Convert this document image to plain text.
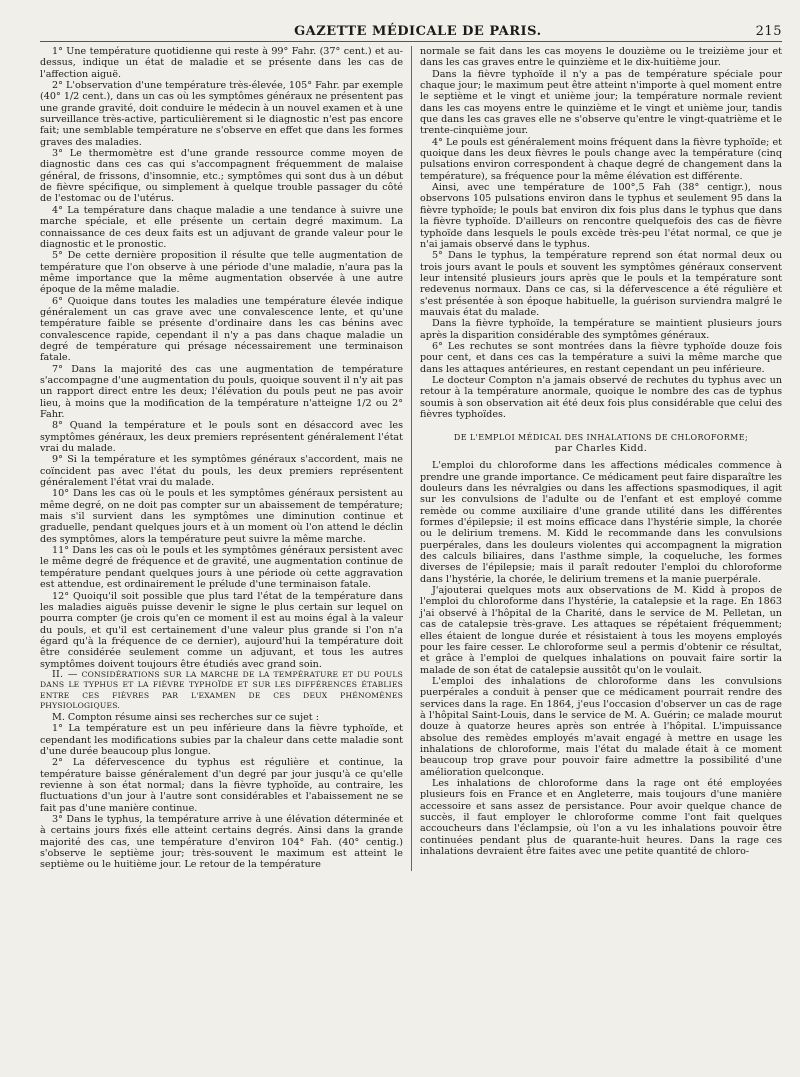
GAZETTE MÉDICALE DE PARIS.	215

1° Une température quotidienne qui reste à 99° Fahr. (37° cent.) et au-dessus, indique un état de maladie et se présente dans les cas de l'affection aiguë.

2° L'observation d'une température très-élevée, 105° Fahr. par exemple (40° 1/2 cent.), dans un cas où les symptômes généraux ne présentent pas une grande gravité, doit conduire le médecin à un nouvel examen et à une surveillance très-active, particulièrement si le diagnostic n'est pas encore fait; une semblable température ne s'observe en effet que dans les formes graves des maladies.

3° Le thermomètre est d'une grande ressource comme moyen de diagnostic dans ces cas qui s'accompagnent fréquemment de malaise général, de frissons, d'insomnie, etc.; symptômes qui sont dus à un début de fièvre spécifique, ou simplement à quelque trouble passager du côté de l'estomac ou de l'utérus.

4° La température dans chaque maladie a une tendance à suivre une marche spéciale, et elle présente un certain degré maximum. La connaissance de ces deux faits est un adjuvant de grande valeur pour le diagnostic et le pronostic.

5° De cette dernière proposition il résulte que telle augmentation de température que l'on observe à une période d'une maladie, n'aura pas la même importance que la même augmentation observée à une autre époque de la même maladie.

6° Quoique dans toutes les maladies une température élevée indique généralement un cas grave avec une convalescence lente, et qu'une température faible se présente d'ordinaire dans les cas bénins avec convalescence rapide, cependant il n'y a pas dans chaque maladie un degré de température qui présage nécessairement une terminaison fatale.

7° Dans la majorité des cas une augmentation de température s'accompagne d'une augmentation du pouls, quoique souvent il n'y ait pas un rapport direct entre les deux; l'élévation du pouls peut ne pas avoir lieu, à moins que la modification de la température n'atteigne 1/2 ou 2° Fahr.

8° Quand la température et le pouls sont en désaccord avec les symptômes généraux, les deux premiers représentent généralement l'état vrai du malade.

9° Si la température et les symptômes généraux s'accordent, mais ne coïncident pas avec l'état du pouls, les deux premiers représentent généralement l'état vrai du malade.

10° Dans les cas où le pouls et les symptômes généraux persistent au même degré, on ne doit pas compter sur un abaissement de température; mais s'il survient dans les symptômes une diminution continue et graduelle, pendant quelques jours et à un moment où l'on attend le déclin des symptômes, alors la température peut suivre la même marche.

11° Dans les cas où le pouls et les symptômes généraux persistent avec le même degré de fréquence et de gravité, une augmentation continue de température pendant quelques jours à une période où cette aggravation est attendue, est ordinairement le prélude d'une terminaison fatale.

12° Quoiqu'il soit possible que plus tard l'état de la température dans les maladies aiguës puisse devenir le signe le plus certain sur lequel on pourra compter (je crois qu'en ce moment il est au moins égal à la valeur du pouls, et qu'il est certainement d'une valeur plus grande si l'on n'a égard qu'à la fréquence de ce dernier), aujourd'hui la température doit être considérée seulement comme un adjuvant, et tous les autres symptômes doivent toujours être étudiés avec grand soin.

II. — CONSIDÉRATIONS SUR LA MARCHE DE LA TEMPÉRATURE ET DU POULS DANS LE TYPHUS ET LA FIÈVRE TYPHOÏDE ET SUR LES DIFFÉRENCES ÉTABLIES ENTRE CES FIÈVRES PAR L'EXAMEN DE CES DEUX PHÉNOMÈNES PHYSIOLOGIQUES.

M. Compton résume ainsi ses recherches sur ce sujet :

1° La température est un peu inférieure dans la fièvre typhoïde, et cependant les modifications subies par la chaleur dans cette maladie sont d'une durée beaucoup plus longue.

2° La défervescence du typhus est régulière et continue, la température baisse généralement d'un degré par jour jusqu'à ce qu'elle revienne à son état normal; dans la fièvre typhoïde, au contraire, les fluctuations d'un jour à l'autre sont considérables et l'abaissement ne se fait pas d'une manière continue.

3° Dans le typhus, la température arrive à une élévation déterminée et à certains jours fixés elle atteint certains degrés. Ainsi dans la grande majorité des cas, une température d'environ 104° Fah. (40° centig.) s'observe le septième jour; très-souvent le maximum est atteint le septième ou le huitième jour. Le retour de la température

normale se fait dans les cas moyens le douzième ou le treizième jour et dans les cas graves entre le quinzième et le dix-huitième jour.

Dans la fièvre typhoïde il n'y a pas de température spéciale pour chaque jour; le maximum peut être atteint n'importe à quel moment entre le septième et le vingt et unième jour; la température normale revient dans les cas moyens entre le quinzième et le vingt et unième jour, tandis que dans les cas graves elle ne s'observe qu'entre le vingt-quatrième et le trente-cinquième jour.

4° Le pouls est généralement moins fréquent dans la fièvre typhoïde; et quoique dans les deux fièvres le pouls change avec la température (cinq pulsations environ correspondent à chaque degré de changement dans la température), sa fréquence pour la même élévation est différente.

Ainsi, avec une température de 100°,5 Fah (38° centigr.), nous observons 105 pulsations environ dans le typhus et seulement 95 dans la fièvre typhoïde; le pouls bat environ dix fois plus dans le typhus que dans la fièvre typhoïde. D'ailleurs on rencontre quelquefois des cas de fièvre typhoïde dans lesquels le pouls excède très-peu l'état normal, ce que je n'ai jamais observé dans le typhus.

5° Dans le typhus, la température reprend son état normal deux ou trois jours avant le pouls et souvent les symptômes généraux conservent leur intensité plusieurs jours après que le pouls et la température sont redevenus normaux. Dans ce cas, si la défervescence a été régulière et s'est présentée à son époque habituelle, la guérison surviendra malgré le mauvais état du malade.

Dans la fièvre typhoïde, la température se maintient plusieurs jours après la disparition considérable des symptômes généraux.

6° Les rechutes se sont montrées dans la fièvre typhoïde douze fois pour cent, et dans ces cas la température a suivi la même marche que dans les attaques antérieures, en restant cependant un peu inférieure.

Le docteur Compton n'a jamais observé de rechutes du typhus avec un retour à la température anormale, quoique le nombre des cas de typhus soumis à son observation ait été deux fois plus considérable que celui des fièvres typhoïdes.

DE L'EMPLOI MÉDICAL DES INHALATIONS DE CHLOROFORME;
par Charles Kidd.

L'emploi du chloroforme dans les affections médicales commence à prendre une grande importance. Ce médicament peut faire disparaître les douleurs dans les névralgies ou dans les affections spasmodiques, il agit sur les convulsions de l'adulte ou de l'enfant et est employé comme remède ou comme auxiliaire d'une grande utilité dans les différentes formes d'épilepsie; il est moins efficace dans l'hystérie simple, la chorée ou le delirium tremens. M. Kidd le recommande dans les convulsions puerpérales, dans les douleurs violentes qui accompagnent la migration des calculs biliaires, dans l'asthme simple, la coqueluche, les formes diverses de l'épilepsie; mais il paraît redouter l'emploi du chloroforme dans l'hystérie, la chorée, le delirium tremens et la manie puerpérale.

J'ajouterai quelques mots aux observations de M. Kidd à propos de l'emploi du chloroforme dans l'hystérie, la catalepsie et la rage. En 1863 j'ai observé à l'hôpital de la Charité, dans le service de M. Pelletan, un cas de catalepsie très-grave. Les attaques se répétaient fréquemment; elles étaient de longue durée et résistaient à tous les moyens employés pour les faire cesser. Le chloroforme seul a permis d'obtenir ce résultat, et grâce à l'emploi de quelques inhalations on pouvait faire sortir la malade de son état de catalepsie aussitôt qu'on le voulait.

L'emploi des inhalations de chloroforme dans les convulsions puerpérales a conduit à penser que ce médicament pourrait rendre des services dans la rage. En 1864, j'eus l'occasion d'observer un cas de rage à l'hôpital Saint-Louis, dans le service de M. A. Guérin; ce malade mourut douze à quatorze heures après son entrée à l'hôpital. L'impuissance absolue des remèdes employés m'avait engagé à mettre en usage les inhalations de chloroforme, mais l'état du malade était à ce moment beaucoup trop grave pour pouvoir faire admettre la possibilité d'une amélioration quelconque.

Les inhalations de chloroforme dans la rage ont été employées plusieurs fois en France et en Angleterre, mais toujours d'une manière accessoire et sans assez de persistance. Pour avoir quelque chance de succès, il faut employer le chloroforme comme l'ont fait quelques accoucheurs dans l'éclampsie, où l'on a vu les inhalations pouvoir être continuées pendant plus de quarante-huit heures. Dans la rage ces inhalations devraient être faites avec une petite quantité de chloro-
